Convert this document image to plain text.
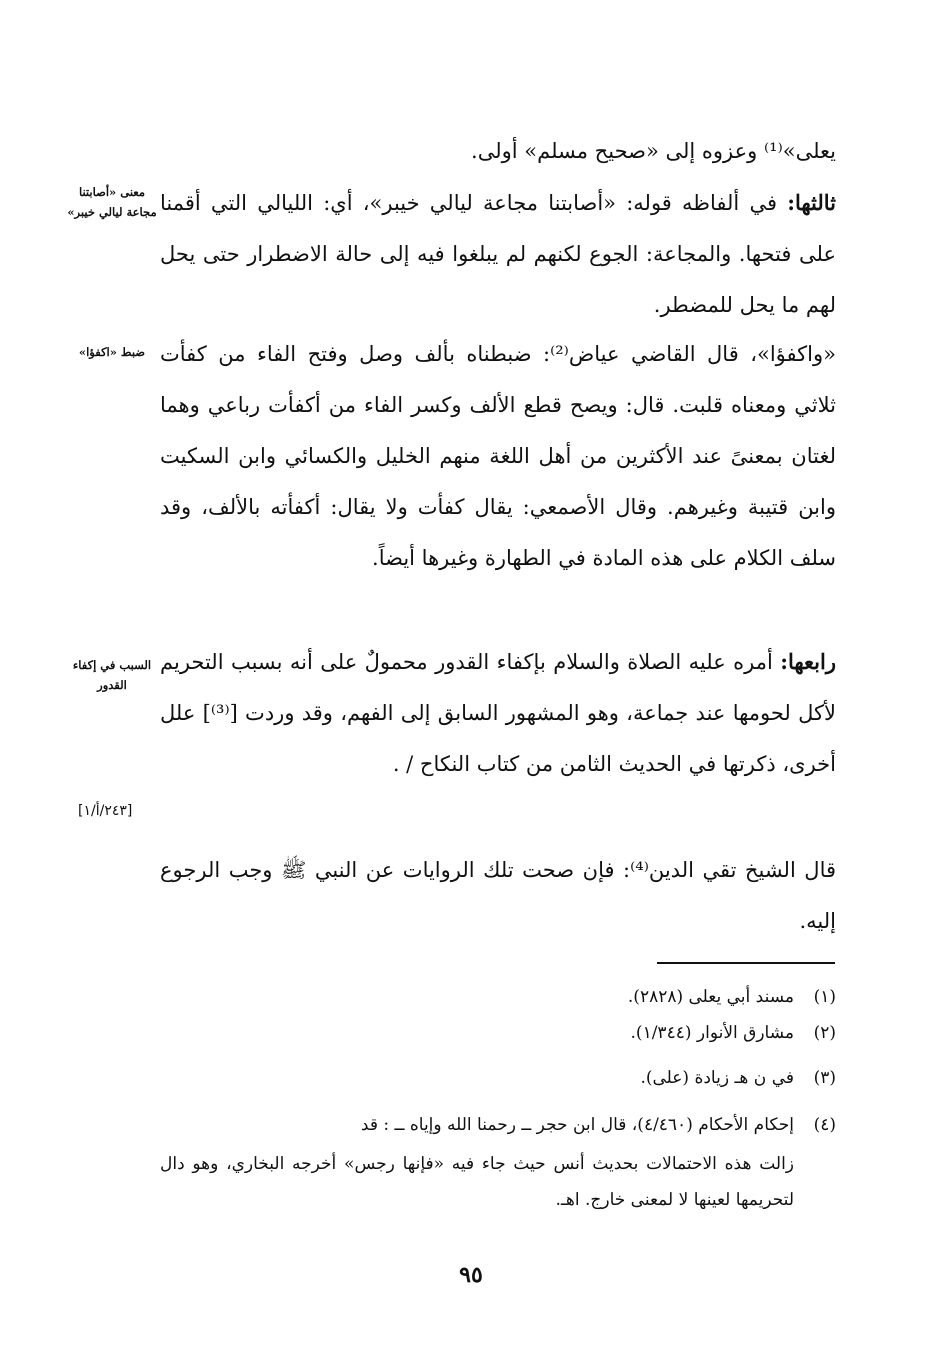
يعلى»⁽¹⁾ وعزوه إلى «صحيح مسلم» أولى.

ثالثها: في ألفاظه قوله: «أصابتنا مجاعة ليالي خيبر»، أي: الليالي التي أقمنا على فتحها. والمجاعة: الجوع لكنهم لم يبلغوا فيه إلى حالة الاضطرار حتى يحل لهم ما يحل للمضطر.

معنى «أصابتنا مجاعة ليالي خيبر»

«واكفؤا»، قال القاضي عياض⁽²⁾: ضبطناه بألف وصل وفتح الفاء من كفأت ثلاثي ومعناه قلبت. قال: ويصح قطع الألف وكسر الفاء من أكفأت رباعي وهما لغتان بمعنىً عند الأكثرين من أهل اللغة منهم الخليل والكسائي وابن السكيت وابن قتيبة وغيرهم. وقال الأصمعي: يقال كفأت ولا يقال: أكفأته بالألف، وقد سلف الكلام على هذه المادة في الطهارة وغيرها أيضاً.

ضبط «اكفؤا»

رابعها: أمره عليه الصلاة والسلام بإكفاء القدور محمولٌ على أنه بسبب التحريم لأكل لحومها عند جماعة، وهو المشهور السابق إلى الفهم، وقد وردت [⁽³⁾] علل أخرى، ذكرتها في الحديث الثامن من كتاب النكاح / .

السبب في إكفاء القدور
[٢٤٣/أ/١]

قال الشيخ تقي الدين⁽⁴⁾: فإن صحت تلك الروايات عن النبي ﷺ وجب الرجوع إليه.

(١)مسند أبي يعلى (٢٨٢٨).

(٢)مشارق الأنوار (١/٣٤٤).

(٣)في ن هـ زيادة (على).

(٤)إحكام الأحكام (٤/٤٦٠)، قال ابن حجر ــ رحمنا الله وإياه ــ : قد

زالت هذه الاحتمالات بحديث أنس حيث جاء فيه «فإنها رجس» أخرجه البخاري، وهو دال لتحريمها لعينها لا لمعنى خارج. اهـ.

٩٥
